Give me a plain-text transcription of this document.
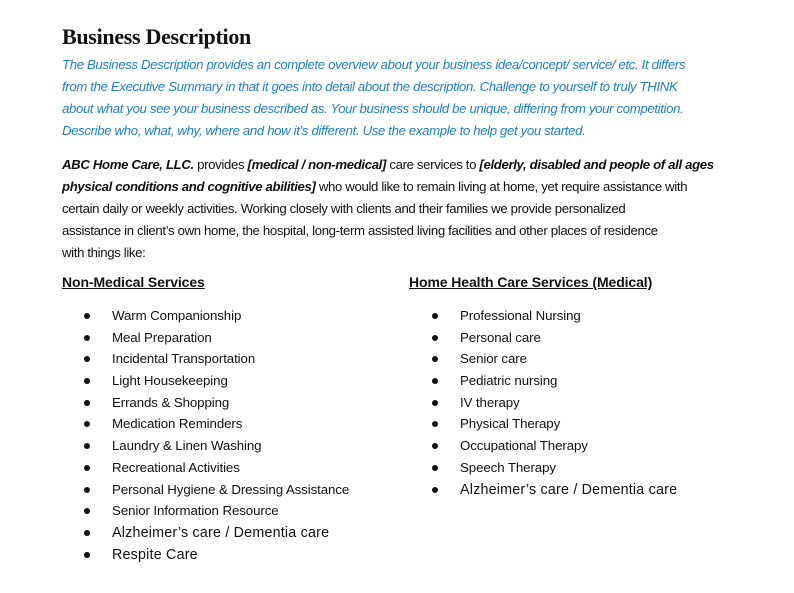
Business Description
The Business Description provides an complete overview about your business idea/concept/ service/ etc. It differs
from the Executive Summary in that it goes into detail about the description. Challenge to yourself to truly THINK
about what you see your business described as. Your business should be unique, differing from your competition.
Describe who, what, why, where and how it’s different. Use the example to help get you started.
ABC Home Care, LLC. provides [medical / non-medical] care services to [elderly, disabled and people of all ages
physical conditions and cognitive abilities] who would like to remain living at home, yet require assistance with
certain daily or weekly activities. Working closely with clients and their families we provide personalized
assistance in client’s own home, the hospital, long-term assisted living facilities and other places of residence
with things like:
Non-Medical Services	Home Health Care Services (Medical)
Warm Companionship
Meal Preparation
Incidental Transportation
Light Housekeeping
Errands & Shopping
Medication Reminders
Laundry & Linen Washing
Recreational Activities
Personal Hygiene & Dressing Assistance
Senior Information Resource
Alzheimer’s care / Dementia care
Respite Care
Professional Nursing
Personal care
Senior care
Pediatric nursing
IV therapy
Physical Therapy
Occupational Therapy
Speech Therapy
Alzheimer’s care / Dementia care
